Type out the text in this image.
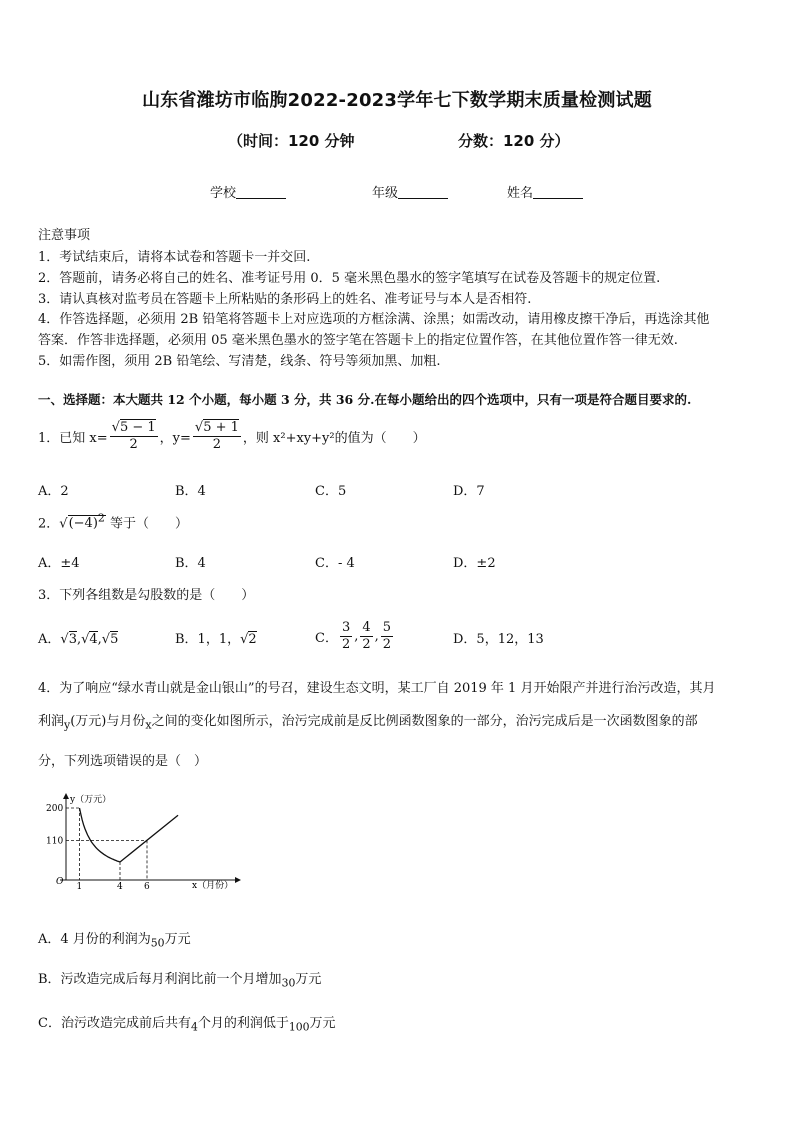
山东省潍坊市临朐2022-2023学年七下数学期末质量检测试题
（时间：120 分钟	分数：120 分）
学校	年级	姓名
注意事项
1．考试结束后，请将本试卷和答题卡一并交回.
2．答题前，请务必将自己的姓名、准考证号用 0．5 毫米黑色墨水的签字笔填写在试卷及答题卡的规定位置.
3．请认真核对监考员在答题卡上所粘贴的条形码上的姓名、准考证号与本人是否相符.
4．作答选择题，必须用 2B 铅笔将答题卡上对应选项的方框涂满、涂黑；如需改动，请用橡皮擦干净后，再选涂其他
答案．作答非选择题，必须用 05 毫米黑色墨水的签字笔在答题卡上的指定位置作答，在其他位置作答一律无效.
5．如需作图，须用 2B 铅笔绘、写清楚，线条、符号等须加黑、加粗.
一、选择题：本大题共 12 个小题，每小题 3 分，共 36 分.在每小题给出的四个选项中，只有一项是符合题目要求的.
1．已知 $x= \frac{√5 - 1}{2}$ ，$y= \frac{√5 + 1}{2}$ ，则 x²+xy+y²的值为（　　）
A．2	B．4	C．5	D．7
2．$√(-4)^2$ 等于（　　）
A．±4	B．4	C．- 4	D．±2
3．下列各组数是勾股数的是（　　）
A．√3,√4,√5	B．1，1，√2	C． $\frac{3}{2}$ , $\frac{4}{2}$ , $\frac{5}{2}$	D．5，12，13
4．为了响应“绿水青山就是金山银山”的号召，建设生态文明，某工厂自 2019 年 1 月开始限产并进行治污改造，其月
利润$_y$(万元)与月份$_x$之间的变化如图所示，治污完成前是反比例函数图象的一部分，治污完成后是一次函数图象的部
分，下列选项错误的是（　）
y（万元）
x（月份）
O
200
110
1	4 6
A．4 月份的利润为$_{50}$万元
B．污改造完成后每月利润比前一个月增加$_{30}$万元
C．治污改造完成前后共有$_4$个月的利润低于$_{100}$万元
